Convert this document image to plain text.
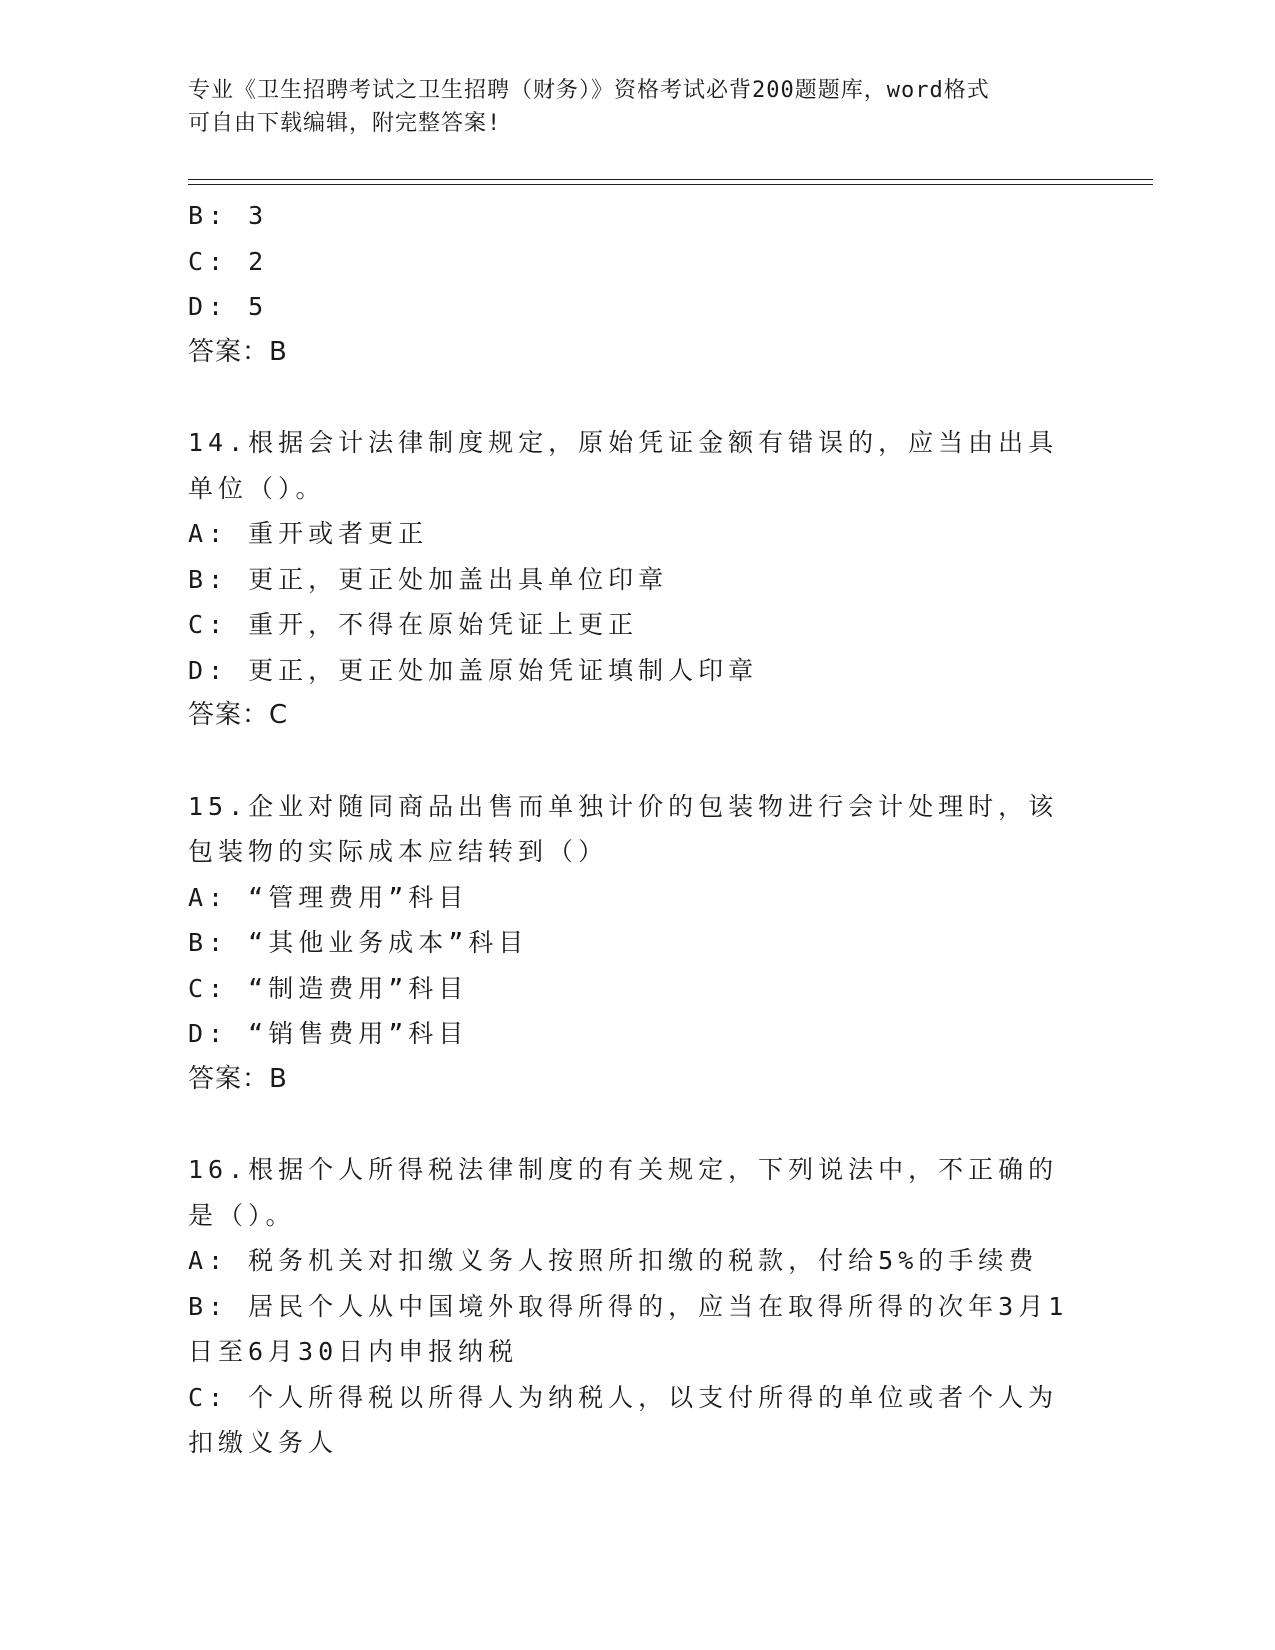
专业《卫生招聘考试之卫生招聘（财务）》资格考试必背200题题库，word格式
可自由下载编辑，附完整答案!
B: 3
C: 2
D: 5
答案：B
14.根据会计法律制度规定，原始凭证金额有错误的，应当由出具单位（）。
A: 重开或者更正
B: 更正，更正处加盖出具单位印章
C: 重开，不得在原始凭证上更正
D: 更正，更正处加盖原始凭证填制人印章
答案：C
15.企业对随同商品出售而单独计价的包装物进行会计处理时，该包装物的实际成本应结转到（）
A: “管理费用”科目
B: “其他业务成本”科目
C: “制造费用”科目
D: “销售费用”科目
答案：B
16.根据个人所得税法律制度的有关规定，下列说法中，不正确的是（）。
A: 税务机关对扣缴义务人按照所扣缴的税款，付给5%的手续费
B: 居民个人从中国境外取得所得的，应当在取得所得的次年3月1日至6月30日内申报纳税
C: 个人所得税以所得人为纳税人，以支付所得的单位或者个人为扣缴义务人
